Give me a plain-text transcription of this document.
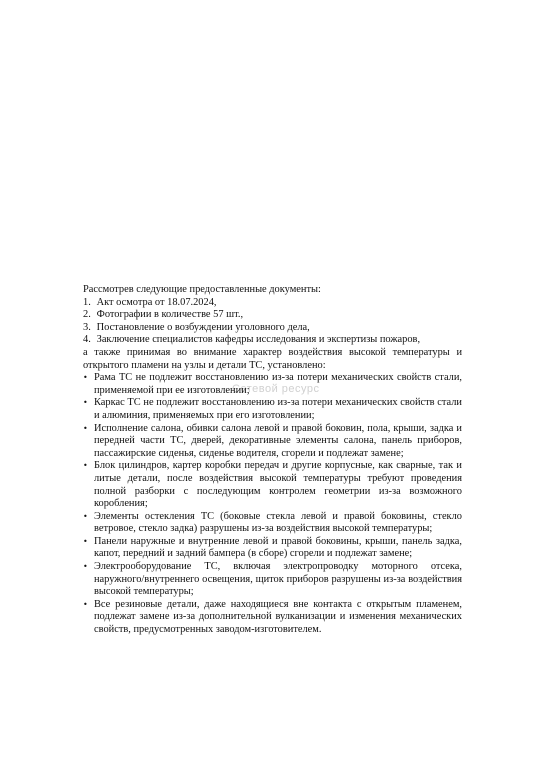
Сетевой ресурс

Рассмотрев следующие предоставленные документы:

1. Акт осмотра от 18.07.2024,
2. Фотографии в количестве 57 шт.,
3. Постановление о возбуждении уголовного дела,
4. Заключение специалистов кафедры исследования и экспертизы пожаров,

а также принимая во внимание характер воздействия высокой температуры и открытого пламени на узлы и детали ТС, установлено:

• Рама ТС не подлежит восстановлению из-за потери механических свойств стали, применяемой при ее изготовлении;
• Каркас ТС не подлежит восстановлению из-за потери механических свойств стали и алюминия, применяемых при его изготовлении;
• Исполнение салона, обивки салона левой и правой боковин, пола, крыши, задка и передней части ТС, дверей, декоративные элементы салона, панель приборов, пассажирские сиденья, сиденье водителя, сгорели и подлежат замене;
• Блок цилиндров, картер коробки передач и другие корпусные, как сварные, так и литые детали, после воздействия высокой температуры требуют проведения полной разборки с последующим контролем геометрии из-за возможного коробления;
• Элементы остекления ТС (боковые стекла левой и правой боковины, стекло ветровое, стекло задка) разрушены из-за воздействия высокой температуры;
• Панели наружные и внутренние левой и правой боковины, крыши, панель задка, капот, передний и задний бампера (в сборе) сгорели и подлежат замене;
• Электрооборудование ТС, включая электропроводку моторного отсека, наружного/внутреннего освещения, щиток приборов разрушены из-за воздействия высокой температуры;
• Все резиновые детали, даже находящиеся вне контакта с открытым пламенем, подлежат замене из-за дополнительной вулканизации и изменения механических свойств, предусмотренных заводом-изготовителем.
